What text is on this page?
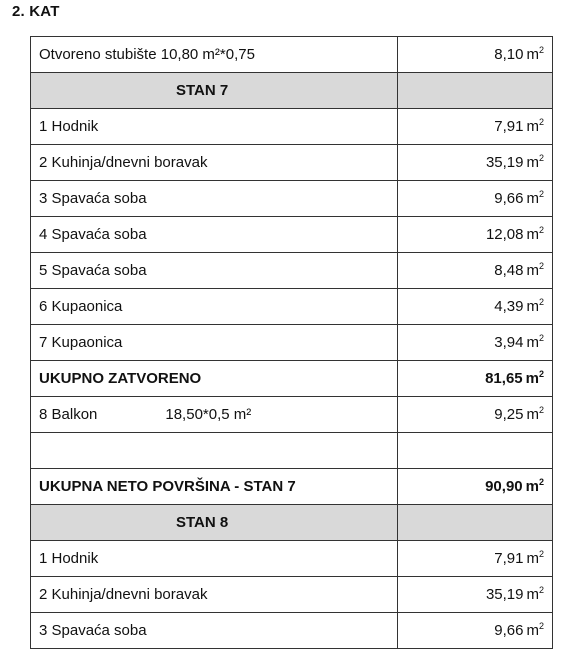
2. KAT
Otvoreno stubište 10,80 m²*0,75	8,10 $m^2$
STAN 7	
1 Hodnik	7,91 $m^2$
2 Kuhinja/dnevni boravak	35,19 $m^2$
3 Spavaća soba	9,66 $m^2$
4 Spavaća soba	12,08 $m^2$
5 Spavaća soba	8,48 $m^2$
6 Kupaonica	4,39 $m^2$
7 Kupaonica	3,94 $m^2$
UKUPNO ZATVORENO	81,65 $m^2$
8 Balkon 18,50*0,5 m²	9,25 $m^2$

UKUPNA NETO POVRŠINA - STAN 7	90,90 $m^2$
STAN 8	
1 Hodnik	7,91 $m^2$
2 Kuhinja/dnevni boravak	35,19 $m^2$
3 Spavaća soba	9,66 $m^2$
